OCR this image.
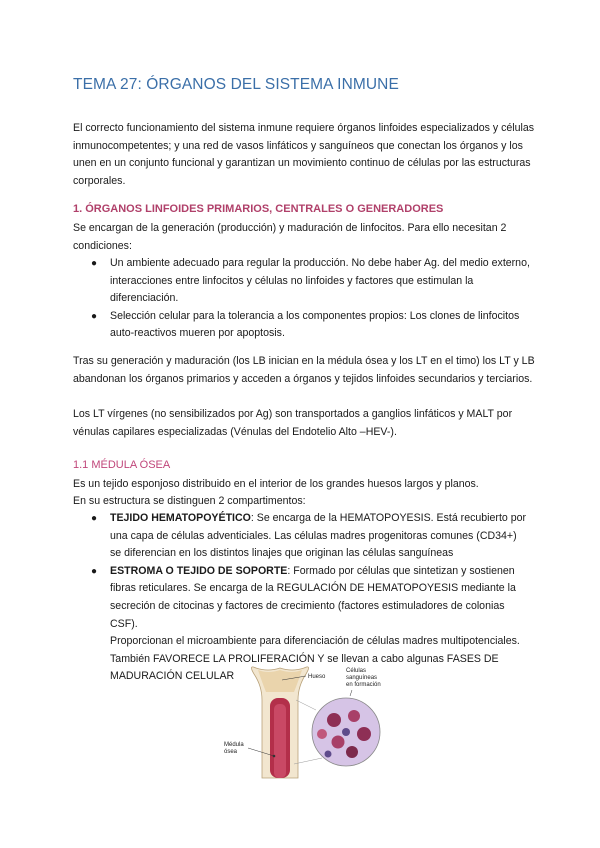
TEMA 27: ÓRGANOS DEL SISTEMA INMUNE

El correcto funcionamiento del sistema inmune requiere órganos linfoides especializados y células inmunocompetentes; y una red de vasos linfáticos y sanguíneos que conectan los órganos y los unen en un conjunto funcional y garantizan un movimiento continuo de células por las estructuras corporales.

1. ÓRGANOS LINFOIDES PRIMARIOS, CENTRALES O GENERADORES

Se encargan de la generación (producción) y maduración de linfocitos. Para ello necesitan 2 condiciones:

● Un ambiente adecuado para regular la producción. No debe haber Ag. del medio externo, interacciones entre linfocitos y células no linfoides y factores que estimulan la diferenciación.
● Selección celular para la tolerancia a los componentes propios: Los clones de linfocitos auto-reactivos mueren por apoptosis.

Tras su generación y maduración (los LB inician en la médula ósea y los LT en el timo) los LT y LB abandonan los órganos primarios y acceden a órganos y tejidos linfoides secundarios y terciarios.

Los LT vírgenes (no sensibilizados por Ag) son transportados a ganglios linfáticos y MALT por vénulas capilares especializadas (Vénulas del Endotelio Alto –HEV-).

1.1 MÉDULA ÓSEA

Es un tejido esponjoso distribuido en el interior de los grandes huesos largos y planos.

En su estructura se distinguen 2 compartimentos:

● TEJIDO HEMATOPOYÉTICO: Se encarga de la HEMATOPOYESIS. Está recubierto por una capa de células adventiciales. Las células madres progenitoras comunes (CD34+) se diferencian en los distintos linajes que originan las células sanguíneas
● ESTROMA O TEJIDO DE SOPORTE: Formado por células que sintetizan y sostienen fibras reticulares. Se encarga de la REGULACIÓN DE HEMATOPOYESIS mediante la secreción de citocinas y factores de crecimiento (factores estimuladores de colonias CSF).
Proporcionan el microambiente para diferenciación de células madres multipotenciales. También FAVORECE LA PROLIFERACIÓN Y se llevan a cabo algunas FASES DE MADURACIÓN CELULAR	Hueso
Células
sanguíneas
en formación
Médula
ósea
